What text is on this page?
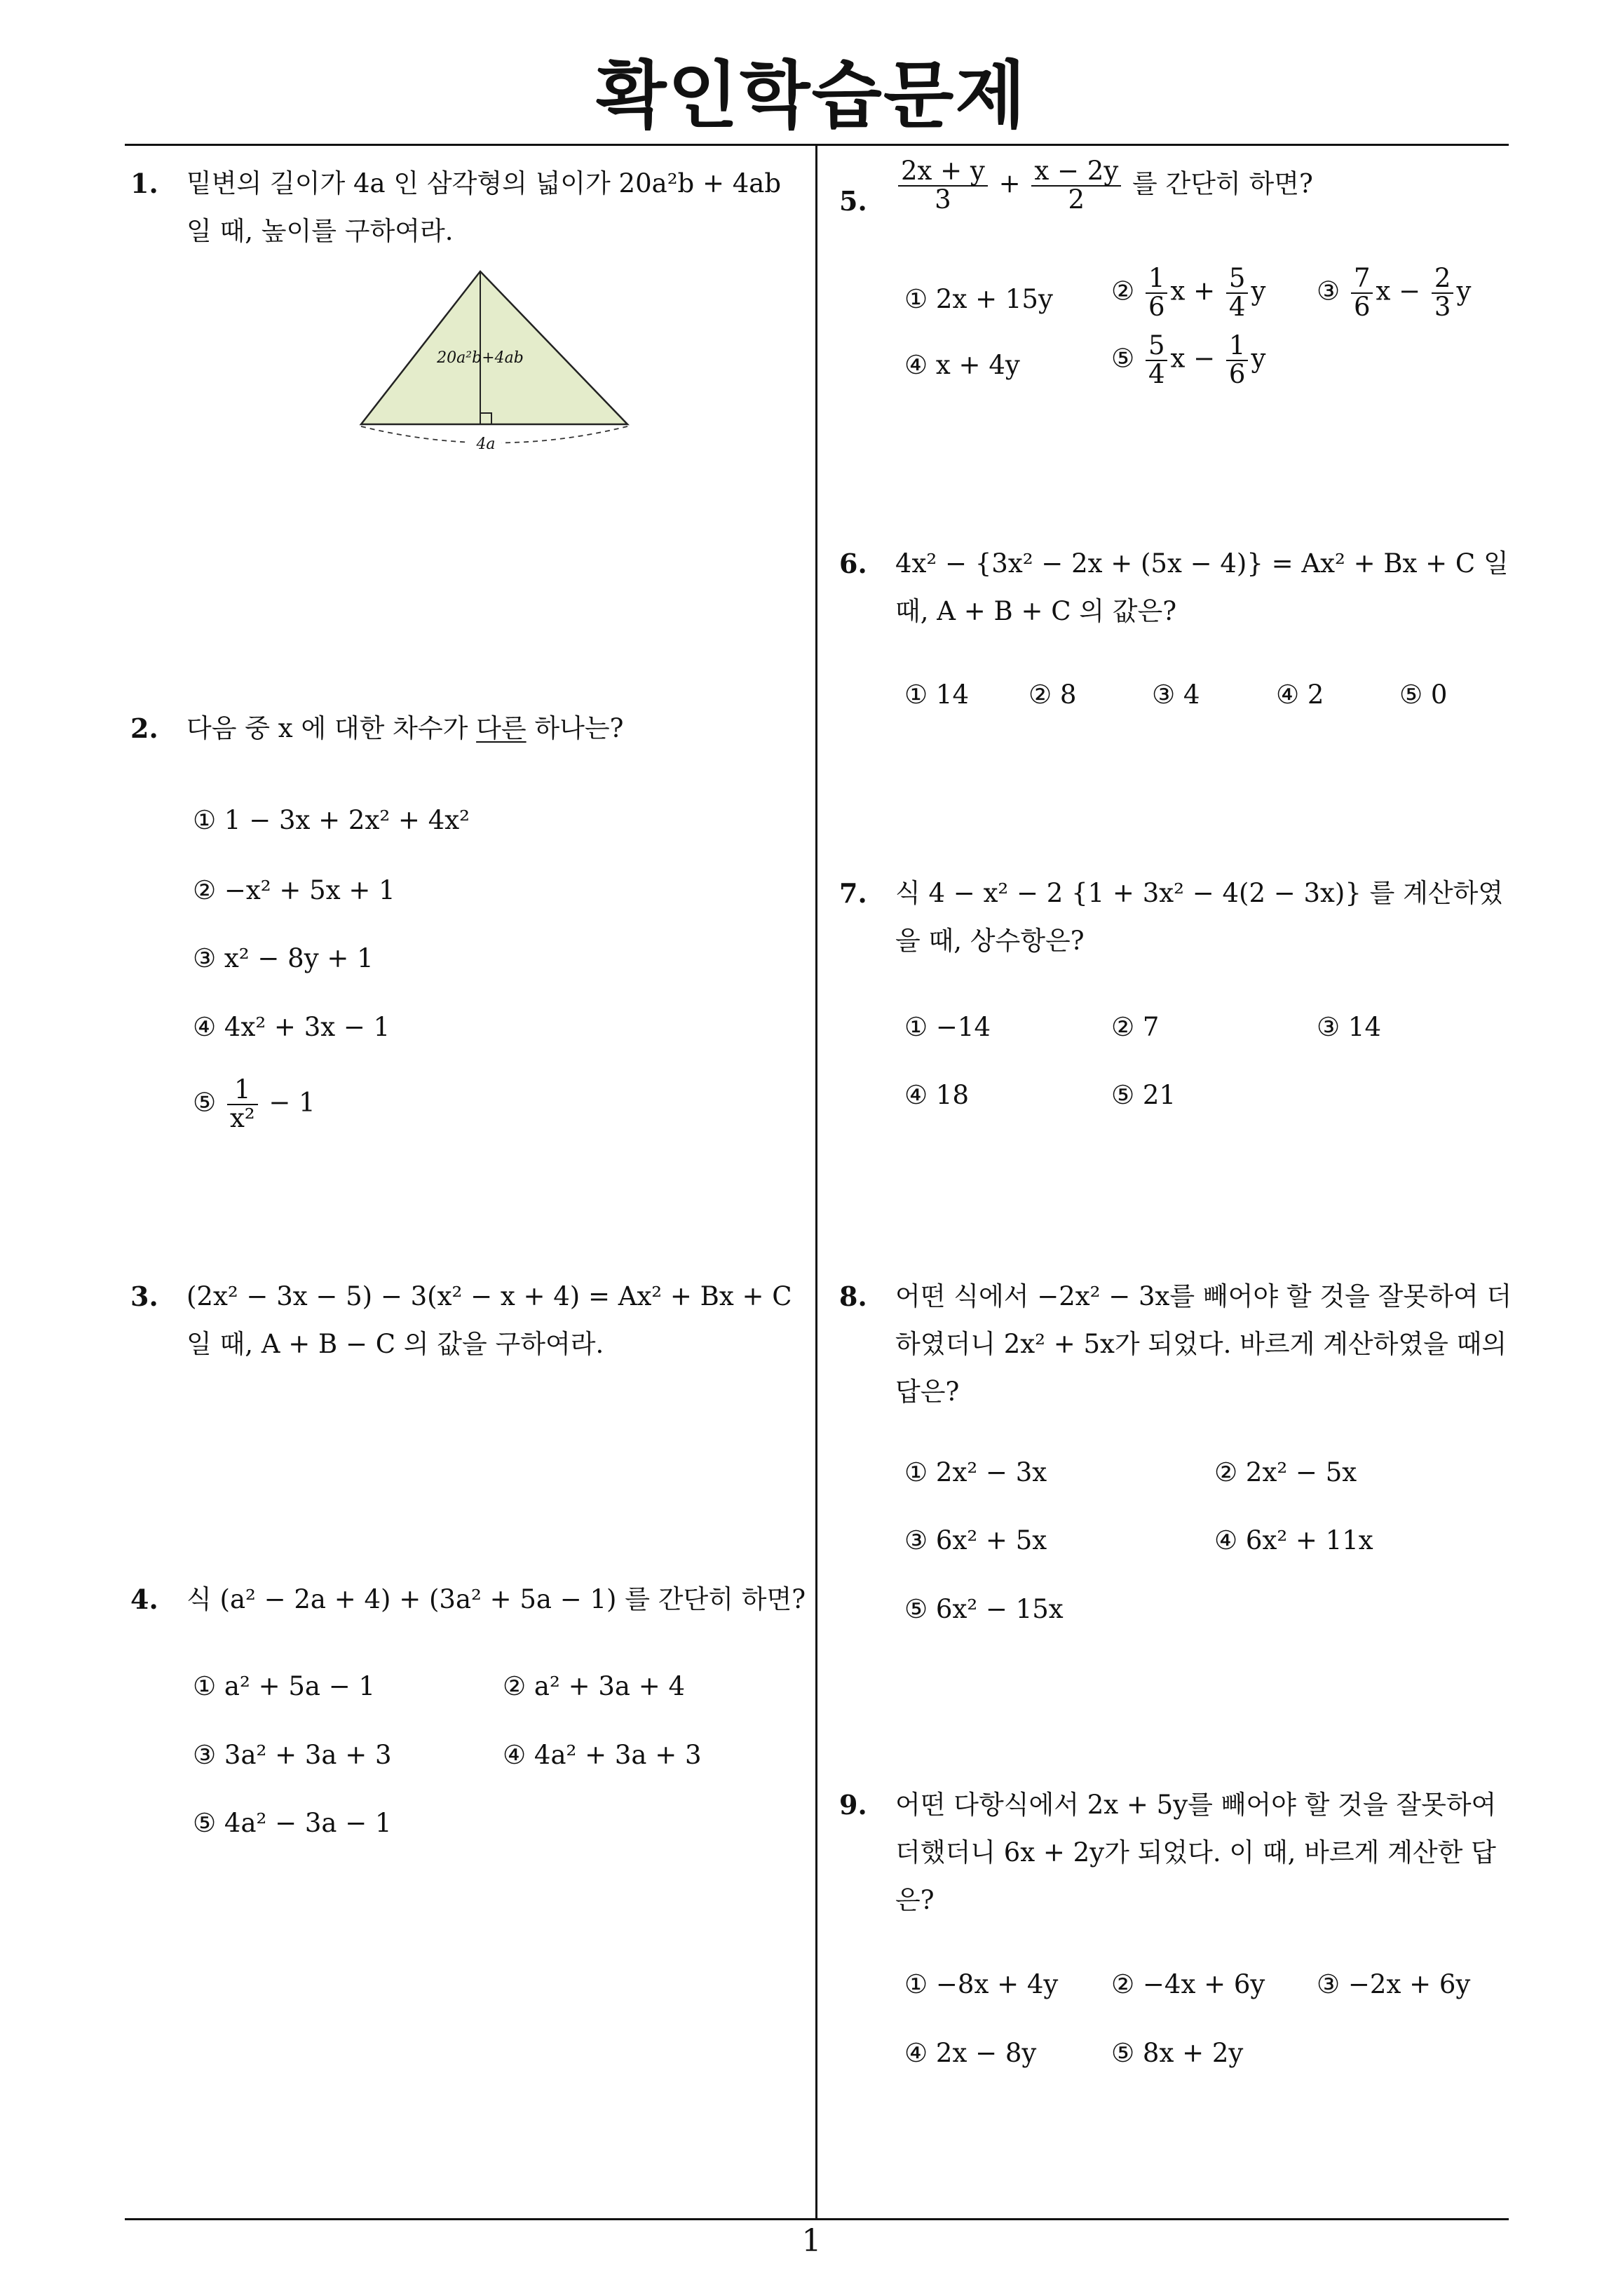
확인학습문제
1.	밑변의 길이가 4a 인 삼각형의 넓이가 20a²b + 4ab 일 때, 높이를 구하여라.
20a²b+4ab
4a
2.	다음 중 x 에 대한 차수가 다른 하나는?
① 1 − 3x + 2x² + 4x²
② −x² + 5x + 1
③ x² − 8y + 1
④ 4x² + 3x − 1
⑤ $\frac{1}{\text{x²}} - 1$
3.	(2x² − 3x − 5) − 3(x² − x + 4) = Ax² + Bx + C 일 때, A + B − C 의 값을 구하여라.
4.	식 (a² − 2a + 4) + (3a² + 5a − 1) 를 간단히 하면?
① a² + 5a − 1	② a² + 3a + 4
③ 3a² + 3a + 3	④ 4a² + 3a + 3
⑤ 4a² − 3a − 1
5. $\frac{2x + y}{3} + \frac{x - 2y}{2}$ 를 간단히 하면?
① 2x + 15y ② $\frac{1}{6}$ $x + \frac{5}{4}$ y ③ $\frac{7}{6}$ $x - \frac{2}{3}$ y
④ x + 4y	⑤ $\frac{5}{4}$ $x - \frac{1}{6}$ y
6.	4x² − {3x² − 2x + (5x − 4)} = Ax² + Bx + C 일 때, A + B + C 의 값은?
① 14 ② 8	③ 4	④ 2	⑤ 0
7.	식 4 − x² − 2 {1 + 3x² − 4(2 − 3x)} 를 계산하였을 때, 상수항은?
① −14	② 7	③ 14
④ 18	⑤ 21
8.	어떤 식에서 −2x² − 3x를 빼어야 할 것을 잘못하여 더하였더니 2x² + 5x가 되었다. 바르게 계산하였을 때의 답은?
① 2x² − 3x	② 2x² − 5x
③ 6x² + 5x	④ 6x² + 11x
⑤ 6x² − 15x
9.	어떤 다항식에서 2x + 5y를 빼어야 할 것을 잘못하여 더했더니 6x + 2y가 되었다. 이 때, 바르게 계산한 답은?
① −8x + 4y ② −4x + 6y ③ −2x + 6y
④ 2x − 8y	⑤ 8x + 2y
1
